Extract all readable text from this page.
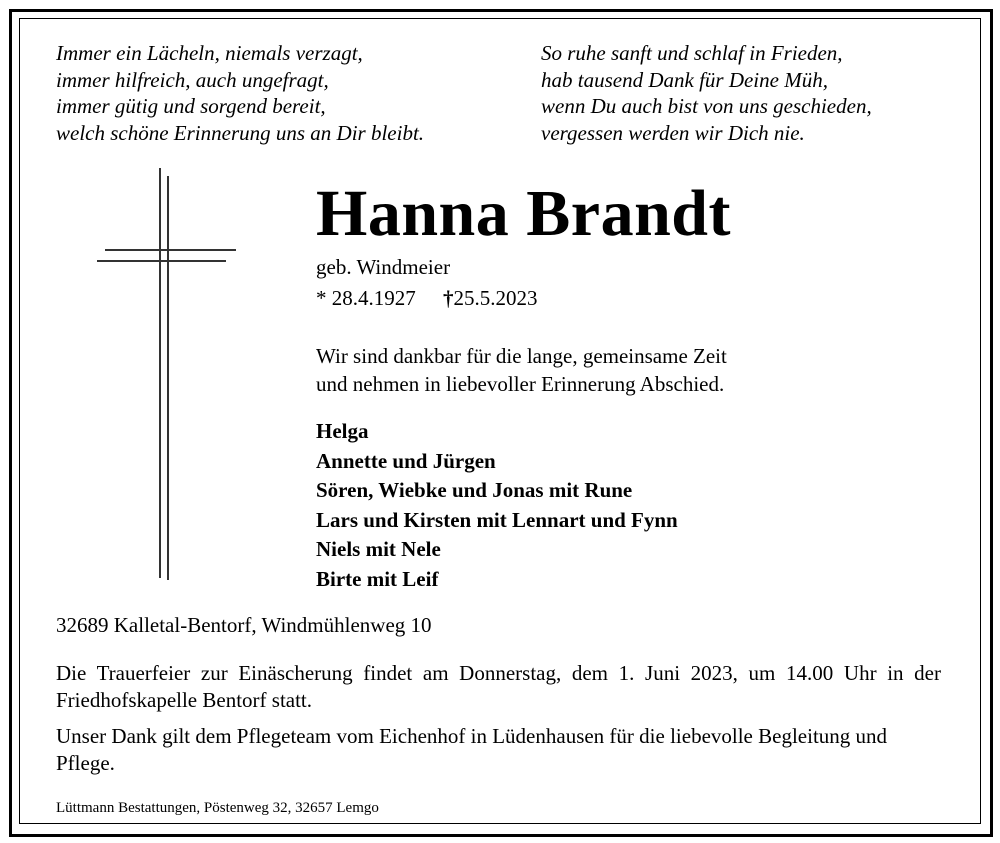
Immer ein Lächeln, niemals verzagt,
immer hilfreich, auch ungefragt,
immer gütig und sorgend bereit,
welch schöne Erinnerung uns an Dir bleibt.
So ruhe sanft und schlaf in Frieden,
hab tausend Dank für Deine Müh,
wenn Du auch bist von uns geschieden,
vergessen werden wir Dich nie.
Hanna Brandt
geb. Windmeier
* 28.4.1927 †25.5.2023
Wir sind dankbar für die lange, gemeinsame Zeit
und nehmen in liebevoller Erinnerung Abschied.
Helga
Annette und Jürgen
Sören, Wiebke und Jonas mit Rune
Lars und Kirsten mit Lennart und Fynn
Niels mit Nele
Birte mit Leif
32689 Kalletal-Bentorf, Windmühlenweg 10
Die Trauerfeier zur Einäscherung findet am Donnerstag, dem 1. Juni 2023, um 14.00 Uhr in der Friedhofskapelle Bentorf statt.
Unser Dank gilt dem Pflegeteam vom Eichenhof in Lüdenhausen für die liebevolle Begleitung und Pflege.
Lüttmann Bestattungen, Pöstenweg 32, 32657 Lemgo
